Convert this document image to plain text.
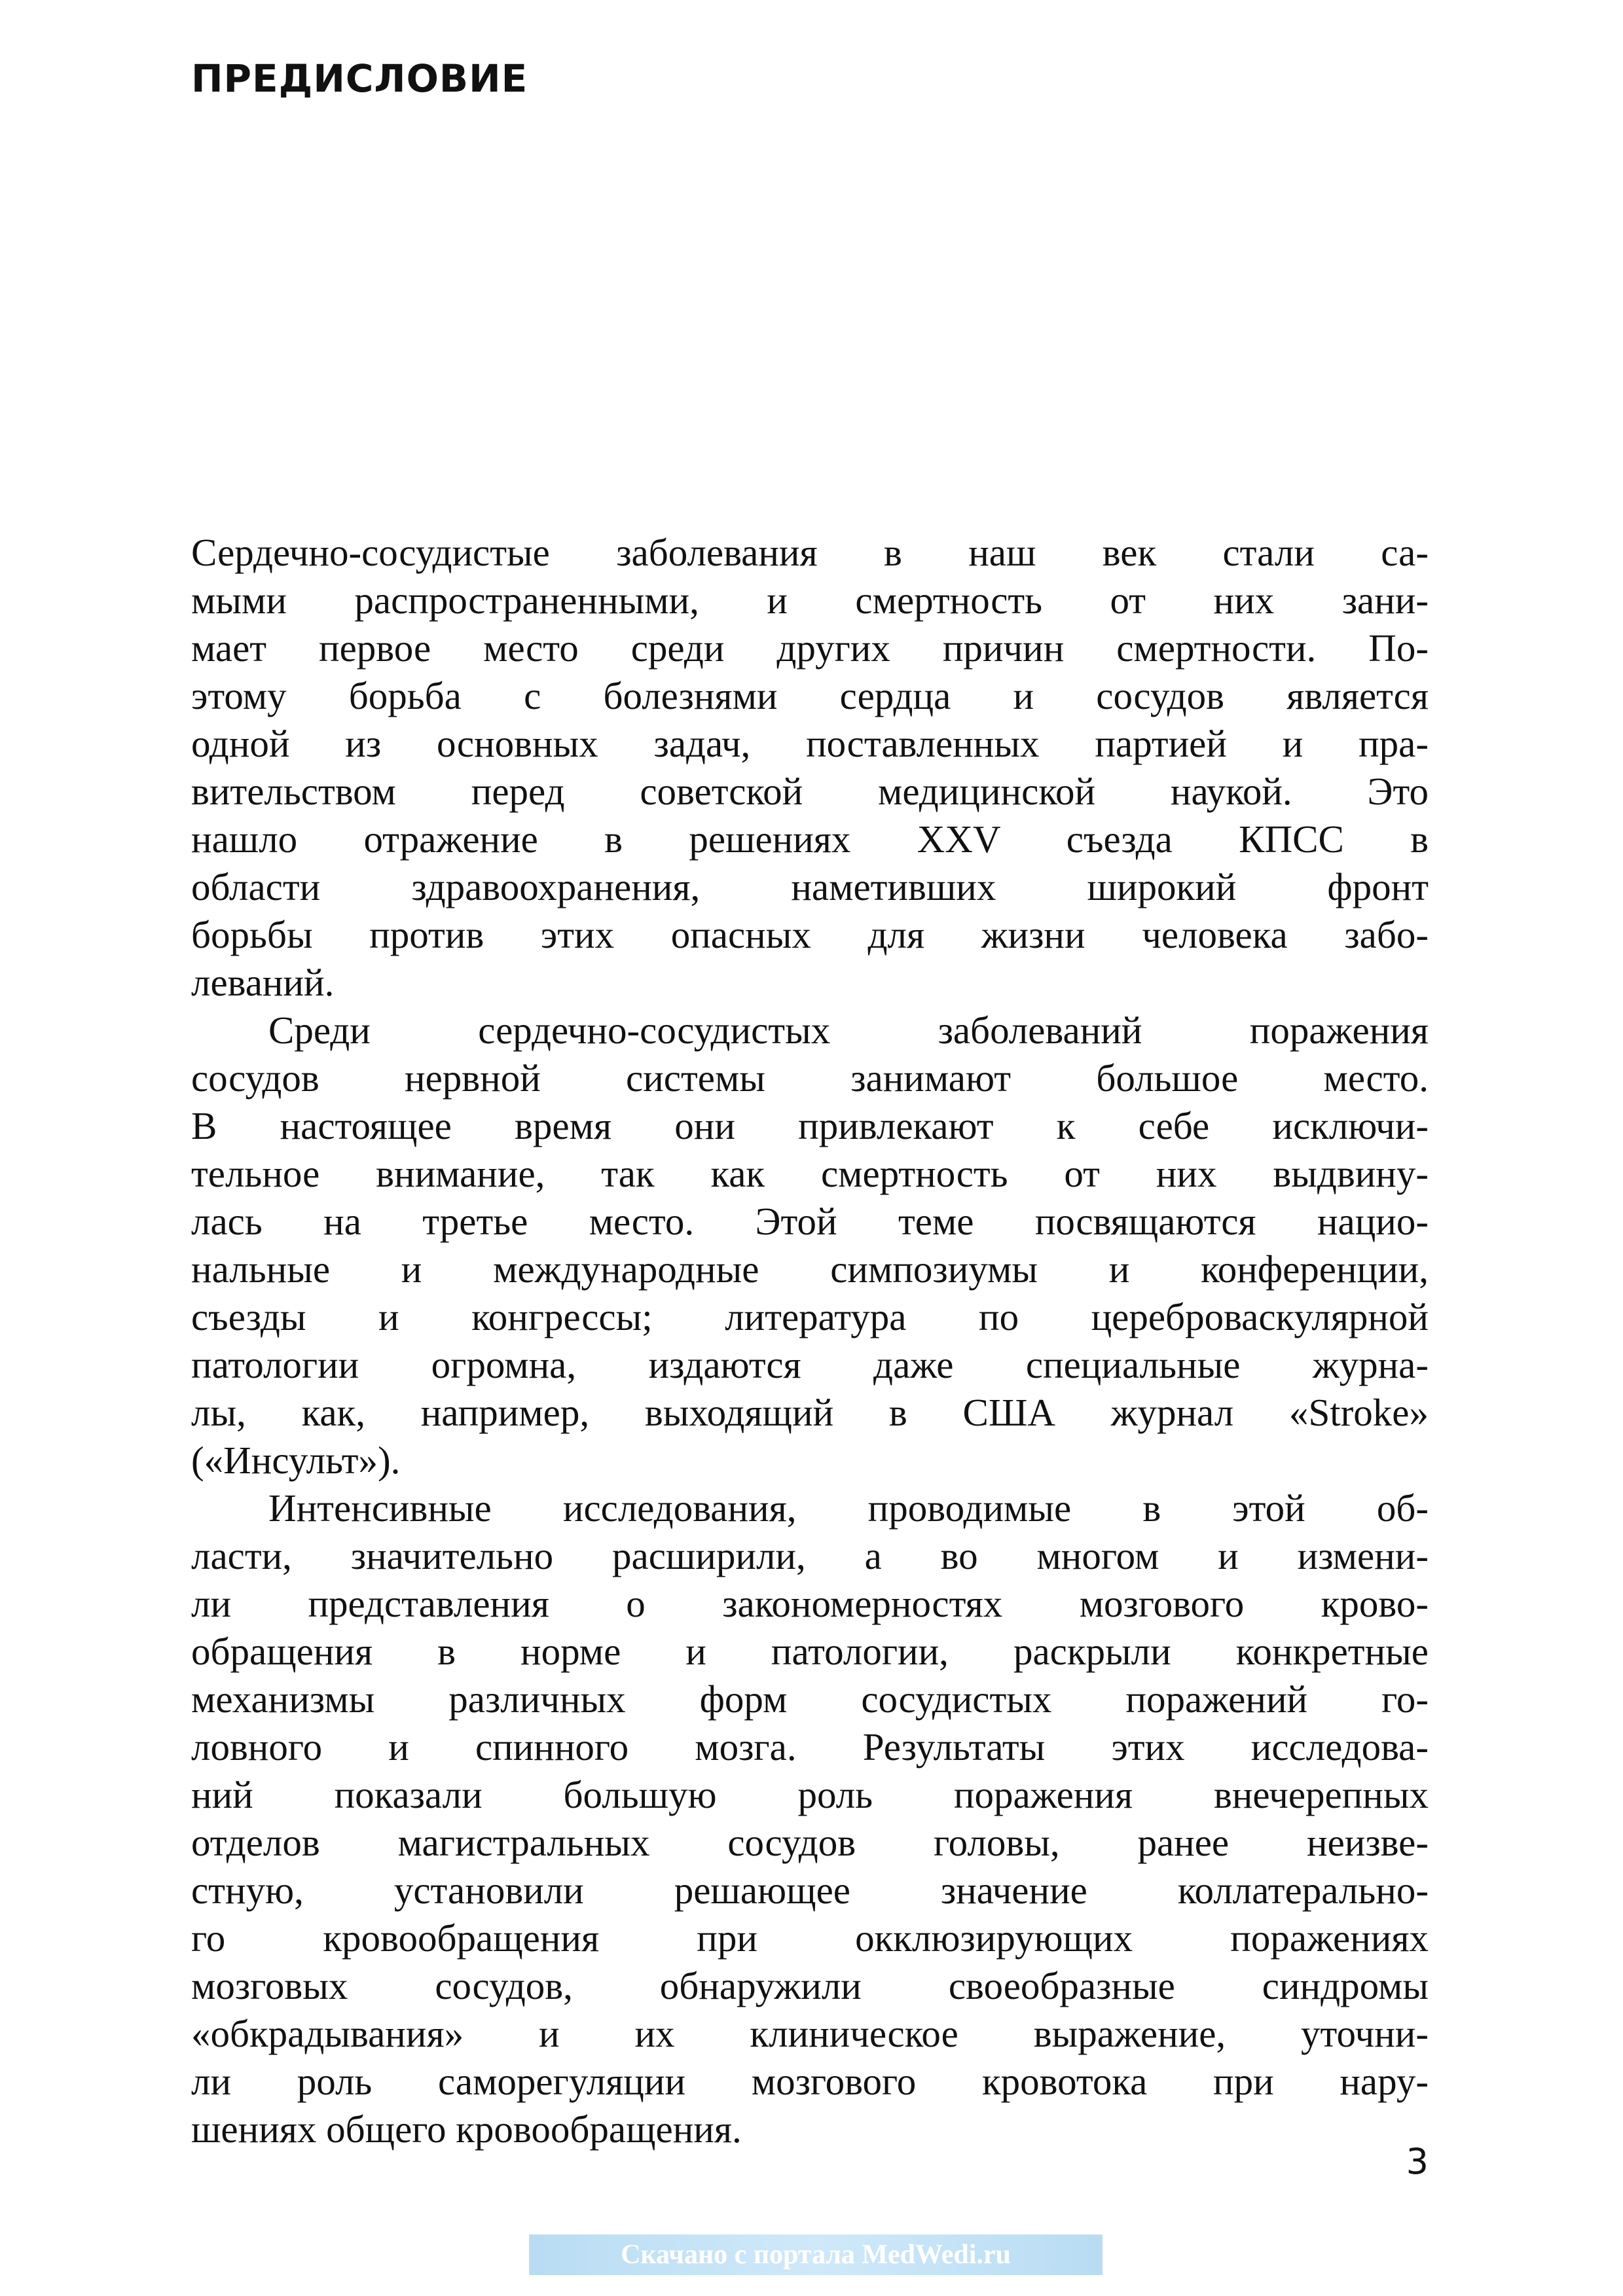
ПРЕДИСЛОВИЕ

Сердечно-сосудистые заболевания в наш век стали са-
мыми распространенными, и смертность от них зани-
мает первое место среди других причин смертности. По-
этому борьба с болезнями сердца и сосудов является
одной из основных задач, поставленных партией и пра-
вительством перед советской медицинской наукой. Это
нашло отражение в решениях XXV съезда КПСС в
области здравоохранения, наметивших широкий фронт
борьбы против этих опасных для жизни человека забо-
леваний.

Среди сердечно-сосудистых заболеваний поражения
сосудов нервной системы занимают большое место.
В настоящее время они привлекают к себе исключи-
тельное внимание, так как смертность от них выдвину-
лась на третье место. Этой теме посвящаются нацио-
нальные и международные симпозиумы и конференции,
съезды и конгрессы; литература по цереброваскулярной
патологии огромна, издаются даже специальные журна-
лы, как, например, выходящий в США журнал «Stroke»
(«Инсульт»).

Интенсивные исследования, проводимые в этой об-
ласти, значительно расширили, а во многом и измени-
ли представления о закономерностях мозгового крово-
обращения в норме и патологии, раскрыли конкретные
механизмы различных форм сосудистых поражений го-
ловного и спинного мозга. Результаты этих исследова-
ний показали большую роль поражения внечерепных
отделов магистральных сосудов головы, ранее неизве-
стную, установили решающее значение коллатерально-
го кровообращения при окклюзирующих поражениях
мозговых сосудов, обнаружили своеобразные синдромы
«обкрадывания» и их клиническое выражение, уточни-
ли роль саморегуляции мозгового кровотока при нару-
шениях общего кровообращения.

3
Скачано с портала MedWedi.ru
